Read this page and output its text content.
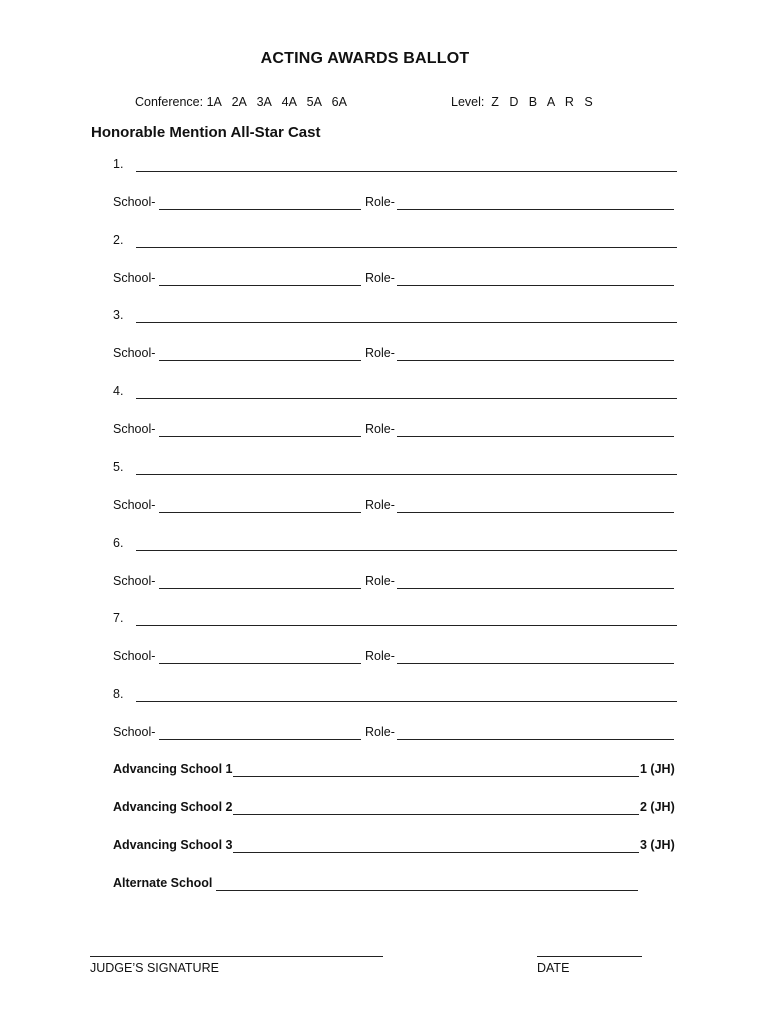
ACTING AWARDS BALLOT
Conference: 1A   2A   3A   4A   5A   6A	Level:  Z   D   B   A   R   S
Honorable Mention All-Star Cast
1.
School-	Role-
2.
School-	Role-
3.
School-	Role-
4.
School-	Role-
5.
School-	Role-
6.
School-	Role-
7.
School-	Role-
8.
School-	Role-
Advancing School 1	1 (JH)
Advancing School 2	2 (JH)
Advancing School 3	3 (JH)
Alternate School
JUDGE’S SIGNATURE	DATE
